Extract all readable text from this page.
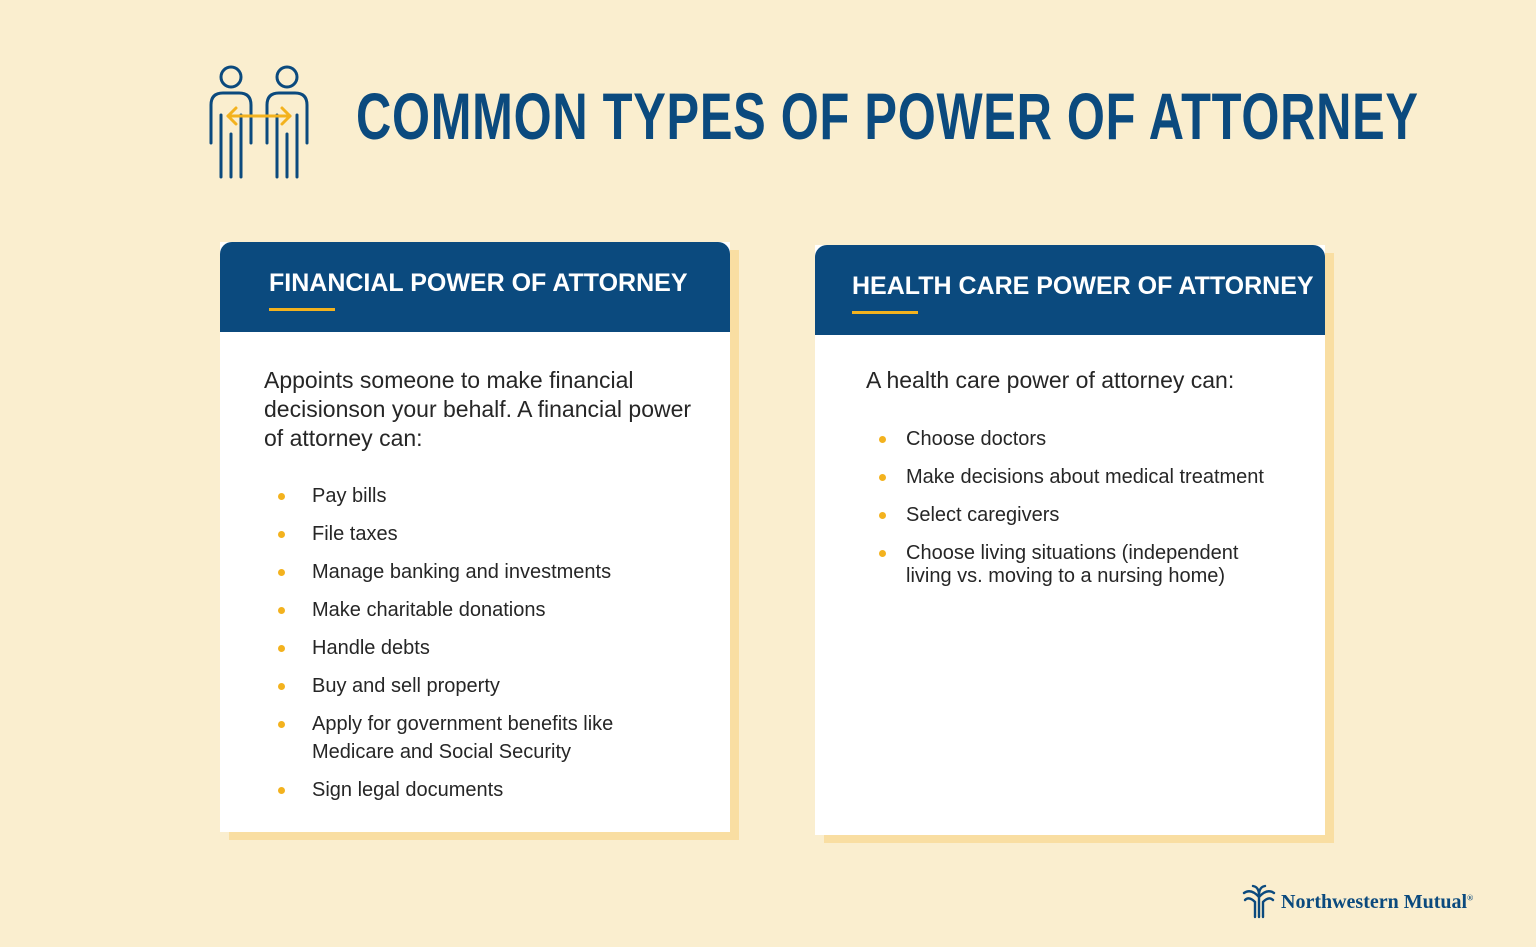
COMMON TYPES OF POWER OF ATTORNEY
FINANCIAL POWER OF ATTORNEY

Appoints someone to make financial decisionson your behalf. A financial power of attorney can:

Pay bills
File taxes
Manage banking and investments
Make charitable donations
Handle debts
Buy and sell property
Apply for government benefits like Medicare and Social Security
Sign legal documents
HEALTH CARE POWER OF ATTORNEY

A health care power of attorney can:

Choose doctors
Make decisions about medical treatment
Select caregivers
Choose living situations (independent living vs. moving to a nursing home)
Northwestern Mutual®
